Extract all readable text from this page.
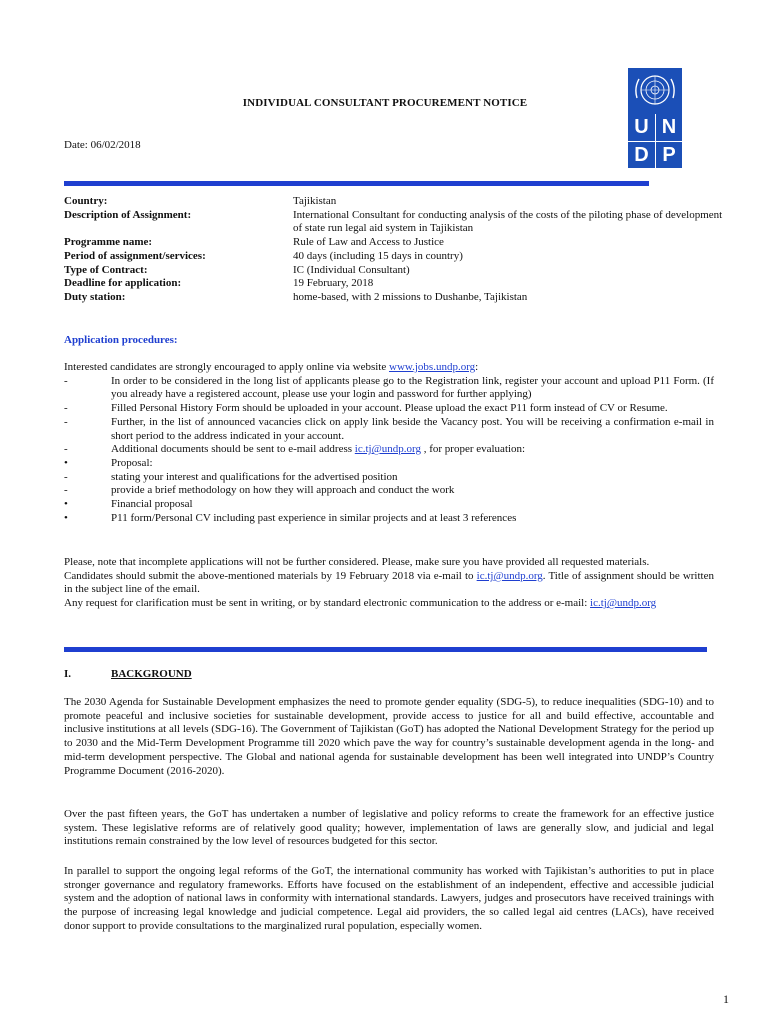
INDIVIDUAL CONSULTANT PROCUREMENT NOTICE
Date: 06/02/2018
U N
D P
Country:	Tajikistan
Description of Assignment:	International Consultant for conducting analysis of the costs of the piloting phase of development of state run legal aid system in Tajikistan
Programme name:	Rule of Law and Access to Justice
Period of assignment/services:	40 days (including 15 days in country)
Type of Contract:	IC (Individual Consultant)
Deadline for application:	19 February, 2018
Duty station:	home-based, with 2 missions to Dushanbe, Tajikistan
Application procedures:
Interested candidates are strongly encouraged to apply online via website www.jobs.undp.org:
-	In order to be considered in the long list of applicants please go to the Registration link, register your account and upload P11 Form. (If you already have a registered account, please use your login and password for further applying)
-	Filled Personal History Form should be uploaded in your account. Please upload the exact P11 form instead of CV or Resume.
-	Further, in the list of announced vacancies click on apply link beside the Vacancy post. You will be receiving a confirmation e-mail in short period to the address indicated in your account.
-	Additional documents should be sent to e-mail address ic.tj@undp.org , for proper evaluation:
•	Proposal:
-	stating your interest and qualifications for the advertised position
-	provide a brief methodology on how they will approach and conduct the work
•	Financial proposal
•	P11 form/Personal CV including past experience in similar projects and at least 3 references
Please, note that incomplete applications will not be further considered. Please, make sure you have provided all requested materials.
Candidates should submit the above-mentioned materials by 19 February 2018 via e-mail to ic.tj@undp.org. Title of assignment should be written in the subject line of the email.
Any request for clarification must be sent in writing, or by standard electronic communication to the address or e-mail: ic.tj@undp.org
I.	BACKGROUND
The 2030 Agenda for Sustainable Development emphasizes the need to promote gender equality (SDG-5), to reduce inequalities (SDG-10) and to promote peaceful and inclusive societies for sustainable development, provide access to justice for all and build effective, accountable and inclusive institutions at all levels (SDG-16). The Government of Tajikistan (GoT) has adopted the National Development Strategy for the period up to 2030 and the Mid-Term Development Programme till 2020 which pave the way for country’s sustainable development agenda in the long- and mid-term development perspective. The Global and national agenda for sustainable development has been well integrated into UNDP’s Country Programme Document (2016-2020).
Over the past fifteen years, the GoT has undertaken a number of legislative and policy reforms to create the framework for an effective justice system. These legislative reforms are of relatively good quality; however, implementation of laws are generally slow, and judicial and legal institutions remain constrained by the low level of resources budgeted for this sector.
In parallel to support the ongoing legal reforms of the GoT, the international community has worked with Tajikistan’s authorities to put in place stronger governance and regulatory frameworks. Efforts have focused on the establishment of an independent, effective and accessible judicial system and the adoption of national laws in conformity with international standards. Lawyers, judges and prosecutors have received trainings with the purpose of increasing legal knowledge and judicial competence. Legal aid providers, the so called legal aid centres (LACs), have received donor support to provide consultations to the marginalized rural population, especially women.
1
